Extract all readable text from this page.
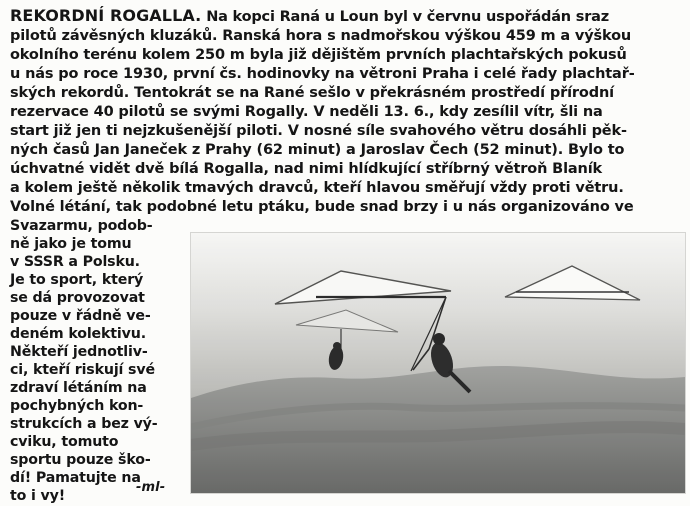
REKORDNÍ ROGALLA. Na kopci Raná u Loun byl v červnu uspořádán sraz
pilotů závěsných kluzáků. Ranská hora s nadmořskou výškou 459 m a výškou
okolního terénu kolem 250 m byla již dějištěm prvních plachtařských pokusů
u nás po roce 1930, první čs. hodinovky na větroni Praha i celé řady plachtař-
ských rekordů. Tentokrát se na Rané sešlo v překrásném prostředí přírodní
rezervace 40 pilotů se svými Rogally. V neděli 13. 6., kdy zesílil vítr, šli na
start již jen ti nejzkušenější piloti. V nosné síle svahového větru dosáhli pěk-
ných časů Jan Janeček z Prahy (62 minut) a Jaroslav Čech (52 minut). Bylo to
úchvatné vidět dvě bílá Rogalla, nad nimi hlídkující stříbrný větroň Blaník
a kolem ještě několik tmavých dravců, kteří hlavou směřují vždy proti větru.
Volné létání, tak podobné letu ptáku, bude snad brzy i u nás organizováno ve
Svazarmu, podob-
ně jako je tomu
v SSSR a Polsku.
Je to sport, který
se dá provozovat
pouze v řádně ve-
deném kolektivu.
Někteří jednotliv-
ci, kteří riskují své
zdraví létáním na
pochybných kon-
strukcích a bez vý-
cviku, tomuto
sportu pouze ško-
dí! Pamatujte na
to i vy!
-ml-
